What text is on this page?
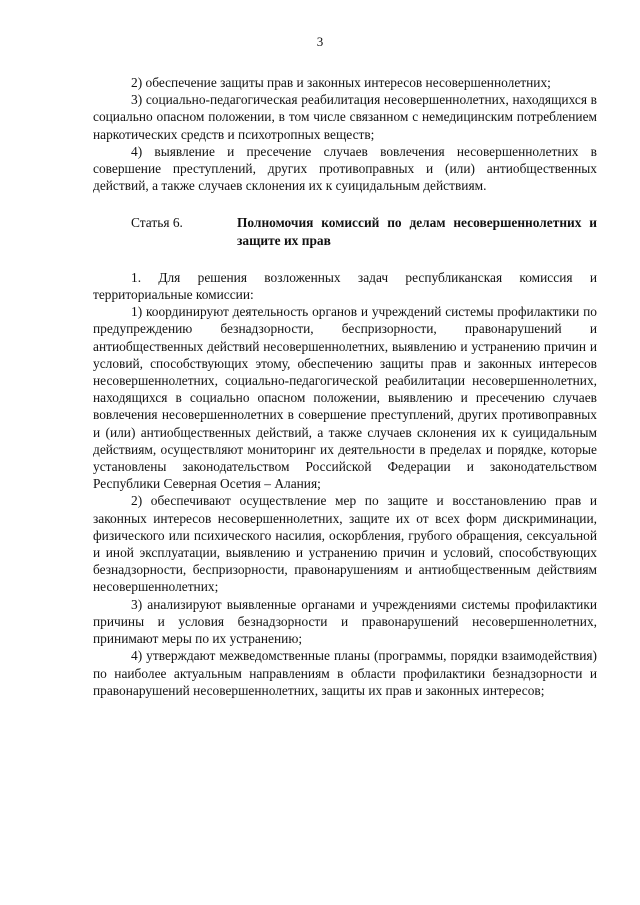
3

2) обеспечение защиты прав и законных интересов несовершеннолетних;

3) социально-педагогическая реабилитация несовершеннолетних, находящихся в социально опасном положении, в том числе связанном с немедицинским потреблением наркотических средств и психотропных веществ;

4) выявление и пресечение случаев вовлечения несовершеннолетних в совершение преступлений, других противоправных и (или) антиобщественных действий, а также случаев склонения их к суицидальным действиям.

Статья 6.	Полномочия комиссий по делам несовершеннолетних и защите их прав

1. Для решения возложенных задач республиканская комиссия и территориальные комиссии:

1) координируют деятельность органов и учреждений системы профилактики по предупреждению безнадзорности, беспризорности, правонарушений и антиобщественных действий несовершеннолетних, выявлению и устранению причин и условий, способствующих этому, обеспечению защиты прав и законных интересов несовершеннолетних, социально-педагогической реабилитации несовершеннолетних, находящихся в социально опасном положении, выявлению и пресечению случаев вовлечения несовершеннолетних в совершение преступлений, других противоправных и (или) антиобщественных действий, а также случаев склонения их к суицидальным действиям, осуществляют мониторинг их деятельности в пределах и порядке, которые установлены законодательством Российской Федерации и законодательством Республики Северная Осетия – Алания;

2) обеспечивают осуществление мер по защите и восстановлению прав и законных интересов несовершеннолетних, защите их от всех форм дискриминации, физического или психического насилия, оскорбления, грубого обращения, сексуальной и иной эксплуатации, выявлению и устранению причин и условий, способствующих безнадзорности, беспризорности, правонарушениям и антиобщественным действиям несовершеннолетних;

3) анализируют выявленные органами и учреждениями системы профилактики причины и условия безнадзорности и правонарушений несовершеннолетних, принимают меры по их устранению;

4) утверждают межведомственные планы (программы, порядки взаимодействия) по наиболее актуальным направлениям в области профилактики безнадзорности и правонарушений несовершеннолетних, защиты их прав и законных интересов;
